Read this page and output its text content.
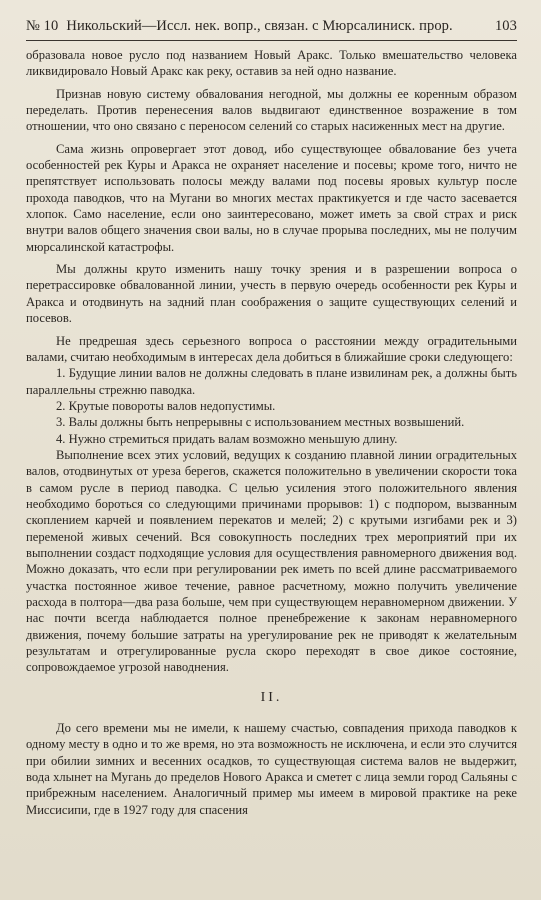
№ 10 Никольский—Иссл. нек. вопр., связан. с Мюрсалиниск. прор.	103

образовала новое русло под названием Новый Аракс. Только вмешательство человека ликвидировало Новый Аракс как реку, оставив за ней одно название.

Признав новую систему обвалования негодной, мы должны ее коренным образом переделать. Против перенесения валов выдвигают единственное возражение в том отношении, что оно связано с переносом селений со старых насиженных мест на другие.

Сама жизнь опровергает этот довод, ибо существующее обвалование без учета особенностей рек Куры и Аракса не охраняет население и посевы; кроме того, ничто не препятствует использовать полосы между валами под посевы яровых культур после прохода паводков, что на Мугани во многих местах практикуется и где часто засевается хлопок. Само население, если оно заинтересовано, может иметь за свой страх и риск внутри валов общего значения свои валы, но в случае прорыва последних, мы не получим мюрсалинской катастрофы.

Мы должны круто изменить нашу точку зрения и в разрешении вопроса о перетрассировке обвалованной линии, учесть в первую очередь особенности рек Куры и Аракса и отодвинуть на задний план соображения о защите существующих селений и посевов.

Не предрешая здесь серьезного вопроса о расстоянии между оградительными валами, считаю необходимым в интересах дела добиться в ближайшие сроки следующего:

1. Будущие линии валов не должны следовать в плане извилинам рек, а должны быть параллельны стрежню паводка.

2. Крутые повороты валов недопустимы.

3. Валы должны быть непрерывны с использованием местных возвышений.

4. Нужно стремиться придать валам возможно меньшую длину.

Выполнение всех этих условий, ведущих к созданию плавной линии оградительных валов, отодвинутых от уреза берегов, скажется положительно в увеличении скорости тока в самом русле в период паводка. С целью усиления этого положительного явления необходимо бороться со следующими причинами прорывов: 1) с подпором, вызванным скоплением карчей и появлением перекатов и мелей; 2) с крутыми изгибами рек и 3) переменой живых сечений. Вся совокупность последних трех мероприятий при их выполнении создаст подходящие условия для осуществления равномерного движения вод. Можно доказать, что если при регулировании рек иметь по всей длине рассматриваемого участка постоянное живое течение, равное расчетному, можно получить увеличение расхода в полтора—два раза больше, чем при существующем неравномерном движении. У нас почти всегда наблюдается полное пренебрежение к законам неравномерного движения, почему большие затраты на урегулирование рек не приводят к желательным результатам и отрегулированные русла скоро переходят в свое дикое состояние, сопровождаемое угрозой наводнения.

II.

До сего времени мы не имели, к нашему счастью, совпадения прихода паводков к одному месту в одно и то же время, но эта возможность не исключена, и если это случится при обилии зимних и весенних осадков, то существующая система валов не выдержит, вода хлынет на Мугань до пределов Нового Аракса и сметет с лица земли город Сальяны с прибрежным населением. Аналогичный пример мы имеем в мировой практике на реке Миссисипи, где в 1927 году для спасения
